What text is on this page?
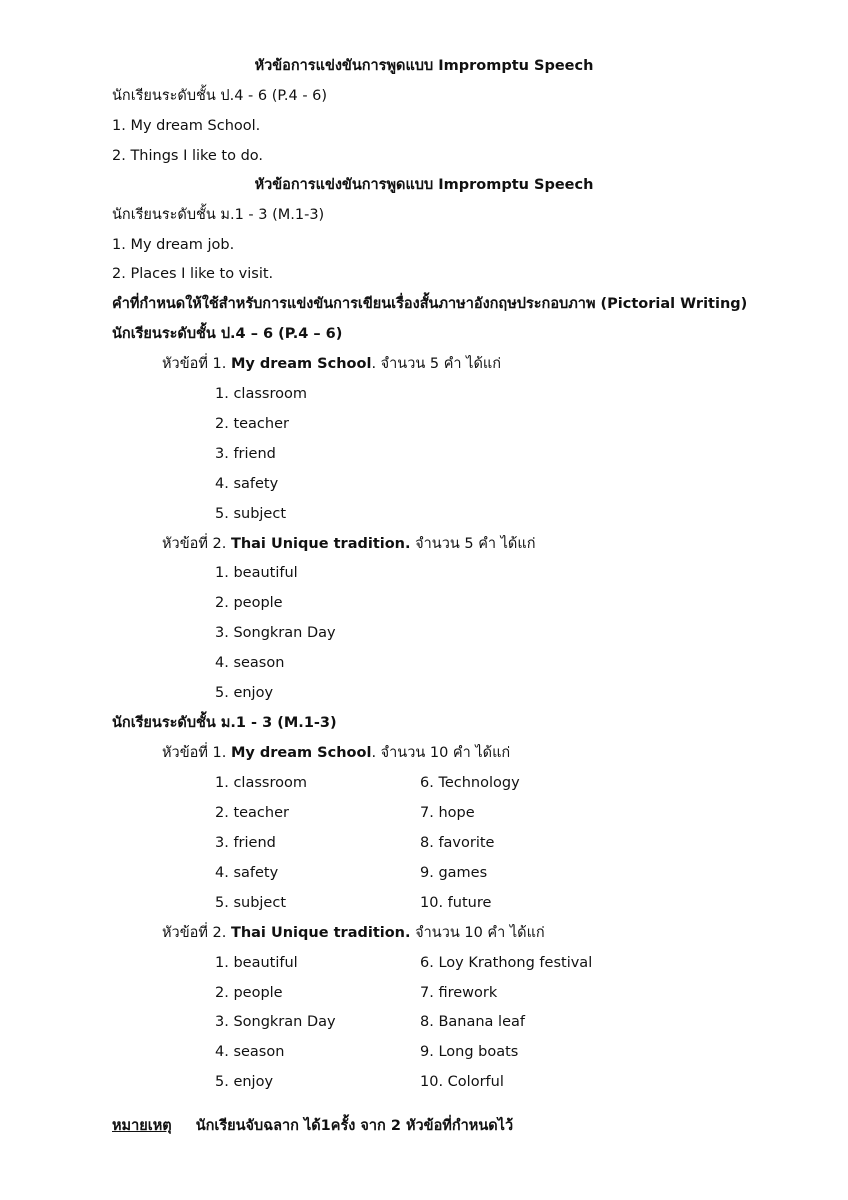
หัวข้อการแข่งขันการพูดแบบ Impromptu Speech
นักเรียนระดับชั้น ป.4 - 6 (P.4 - 6)
1. My dream School.
2. Things I like to do.
หัวข้อการแข่งขันการพูดแบบ Impromptu Speech
นักเรียนระดับชั้น ม.1 - 3 (M.1-3)
1. My dream job.
2. Places I like to visit.
คำที่กำหนดให้ใช้สำหรับการแข่งขันการเขียนเรื่องสั้นภาษาอังกฤษประกอบภาพ (Pictorial Writing)
นักเรียนระดับชั้น ป.4 – 6 (P.4 – 6)
หัวข้อที่ 1. My dream School. จำนวน 5 คำ ได้แก่
1. classroom
2. teacher
3. friend
4. safety
5. subject
หัวข้อที่ 2. Thai Unique tradition. จำนวน 5 คำ ได้แก่
1. beautiful
2. people
3. Songkran Day
4. season
5. enjoy
นักเรียนระดับชั้น ม.1 - 3 (M.1-3)
หัวข้อที่ 1. My dream School. จำนวน 10 คำ ได้แก่
1. classroom	6. Technology
2. teacher	7. hope
3. friend	8. favorite
4. safety	9. games
5. subject	10. future
หัวข้อที่ 2. Thai Unique tradition. จำนวน 10 คำ ได้แก่
1. beautiful	6. Loy Krathong festival
2. people	7. firework
3. Songkran Day	8. Banana leaf
4. season	9. Long boats
5. enjoy	10. Colorful
หมายเหตุ นักเรียนจับฉลาก ได้1ครั้ง จาก 2 หัวข้อที่กำหนดไว้
